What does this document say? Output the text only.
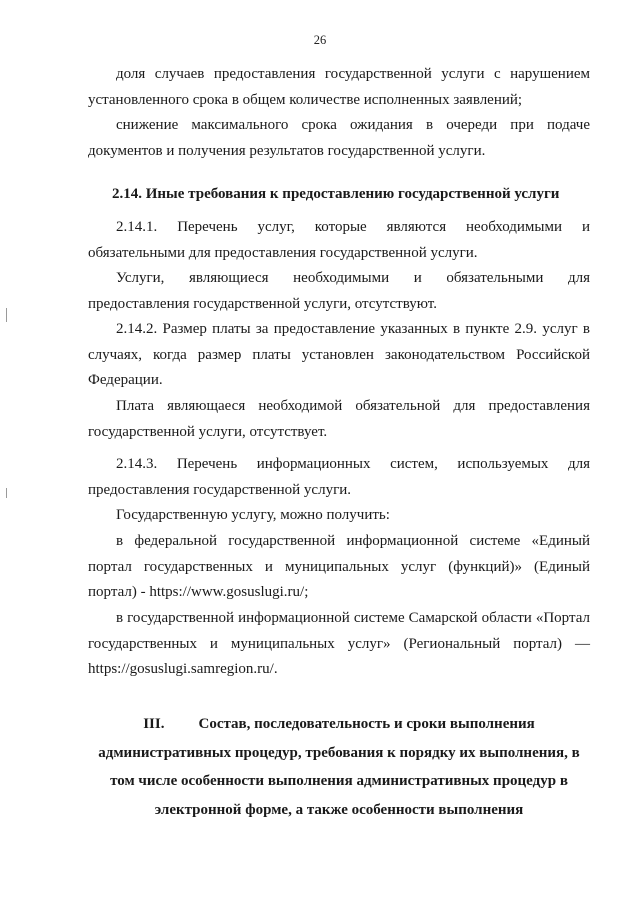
26

доля случаев предоставления государственной услуги с нарушением установленного срока в общем количестве исполненных заявлений;

снижение максимального срока ожидания в очереди при подаче документов и получения результатов государственной услуги.

2.14. Иные требования к предоставлению государственной услуги

2.14.1. Перечень услуг, которые являются необходимыми и обязательными для предоставления государственной услуги.

Услуги, являющиеся необходимыми и обязательными для предоставления государственной услуги, отсутствуют.

2.14.2. Размер платы за предоставление указанных в пункте 2.9. услуг в случаях, когда размер платы установлен законодательством Российской Федерации.

Плата являющаеся необходимой обязательной для предоставления государственной услуги, отсутствует.

2.14.3. Перечень информационных систем, используемых для предоставления государственной услуги.

Государственную услугу, можно получить:

в федеральной государственной информационной системе «Единый портал государственных и муниципальных услуг (функций)» (Единый портал) - https://www.gosuslugi.ru/;

в государственной информационной системе Самарской области «Портал государственных и муниципальных услуг» (Региональный портал) — https://gosuslugi.samregion.ru/.

III. Состав, последовательность и сроки выполнения административных процедур, требования к порядку их выполнения, в том числе особенности выполнения административных процедур в электронной форме, а также особенности выполнения
